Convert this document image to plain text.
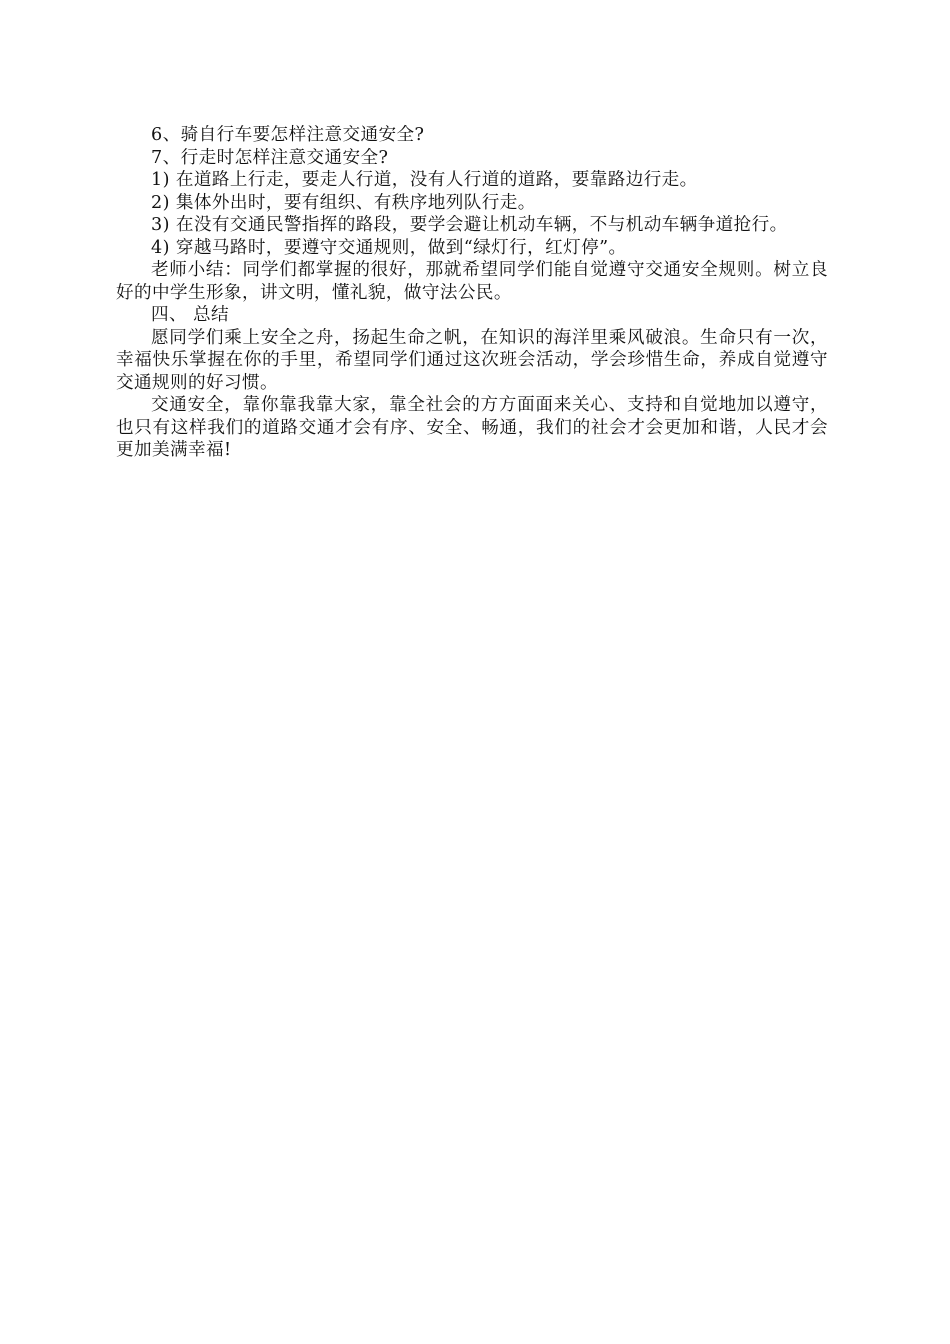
6、骑自行车要怎样注意交通安全?

7、行走时怎样注意交通安全?

1) 在道路上行走，要走人行道，没有人行道的道路，要靠路边行走。

2) 集体外出时，要有组织、有秩序地列队行走。

3) 在没有交通民警指挥的路段，要学会避让机动车辆，不与机动车辆争道抢行。

4) 穿越马路时，要遵守交通规则，做到“绿灯行，红灯停”。

老师小结：同学们都掌握的很好，那就希望同学们能自觉遵守交通安全规则。树立良好的中学生形象，讲文明，懂礼貌，做守法公民。

四、 总结

愿同学们乘上安全之舟，扬起生命之帆，在知识的海洋里乘风破浪。生命只有一次，幸福快乐掌握在你的手里，希望同学们通过这次班会活动，学会珍惜生命，养成自觉遵守交通规则的好习惯。

交通安全，靠你靠我靠大家，靠全社会的方方面面来关心、支持和自觉地加以遵守，也只有这样我们的道路交通才会有序、安全、畅通，我们的社会才会更加和谐，人民才会更加美满幸福!
